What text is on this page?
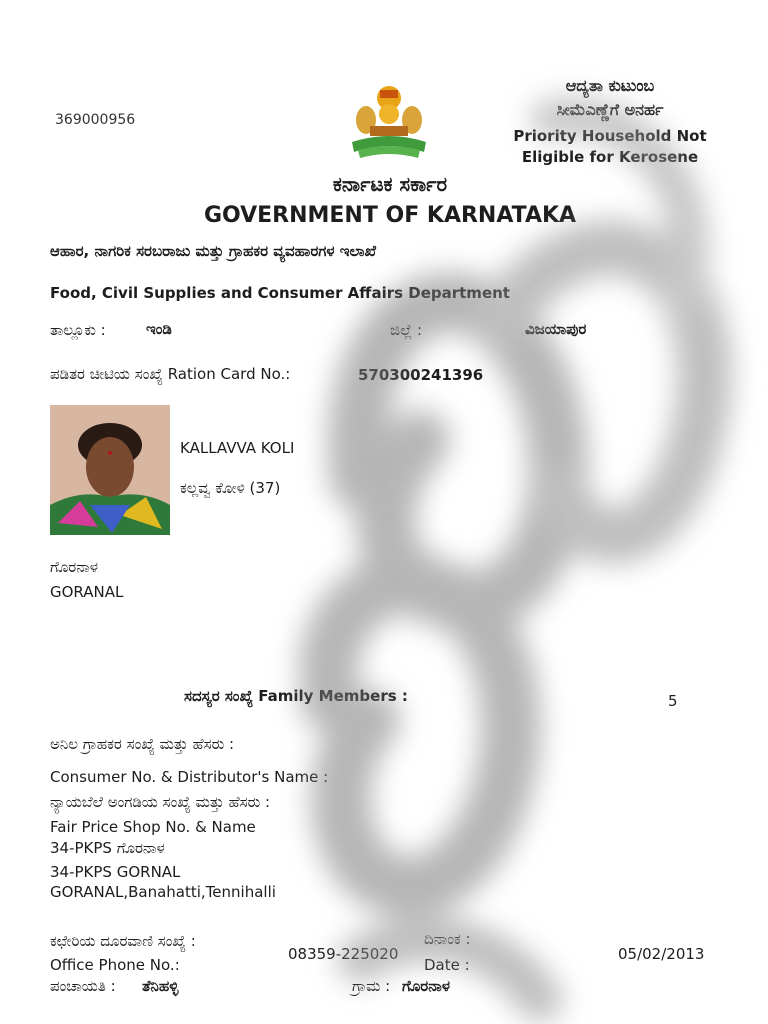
369000956
ಆದ್ಯತಾ ಕುಟುಂಬ
ಸೀಮೆಎಣ್ಣೆಗೆ ಅನರ್ಹ
Priority Household Not
Eligible for Kerosene
ಕರ್ನಾಟಕ ಸರ್ಕಾರ
GOVERNMENT OF KARNATAKA
ಆಹಾರ, ನಾಗರಿಕ ಸರಬರಾಜು ಮತ್ತು ಗ್ರಾಹಕರ ವ್ಯವಹಾರಗಳ ಇಲಾಖೆ
Food, Civil Supplies and Consumer Affairs Department
ತಾಲ್ಲೂಕು :	ಇಂಡಿ	ಜಿಲ್ಲೆ :	ವಿಜಯಾಪುರ
ಪಡಿತರ ಚೀಟಿಯ ಸಂಖ್ಯೆ Ration Card No.:	570300241396
KALLAVVA KOLI
ಕಲ್ಲವ್ವ ಕೋಳಿ (37)
ಗೊರನಾಳ
GORANAL
ಸದಸ್ಯರ ಸಂಖ್ಯೆ Family Members :	5
ಅನಿಲ ಗ್ರಾಹಕರ ಸಂಖ್ಯೆ ಮತ್ತು ಹೆಸರು :
Consumer No. & Distributor's Name :
ನ್ಯಾಯಬೆಲೆ ಅಂಗಡಿಯ ಸಂಖ್ಯೆ ಮತ್ತು ಹೆಸರು :
Fair Price Shop No. & Name
34-PKPS ಗೊರನಾಳ
34-PKPS GORNAL
GORANAL,Banahatti,Tennihalli
ಕಛೇರಿಯ ದೂರವಾಣಿ ಸಂಖ್ಯೆ :
Office Phone No.:
08359-225020
ದಿನಾಂಕ :
Date :
05/02/2013
ಪಂಚಾಯತಿ : ತೆನಿಹಳ್ಳಿ	ಗ್ರಾಮ : ಗೊರನಾಳ
